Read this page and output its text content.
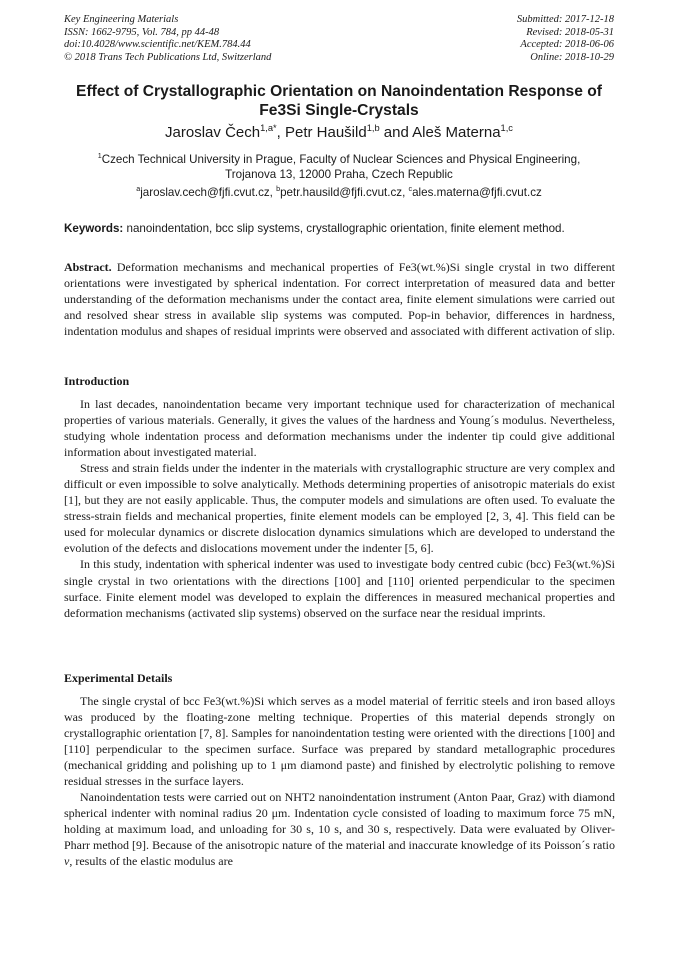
Key Engineering Materials
ISSN: 1662-9795, Vol. 784, pp 44-48
doi:10.4028/www.scientific.net/KEM.784.44
© 2018 Trans Tech Publications Ltd, Switzerland
Submitted: 2017-12-18
Revised: 2018-05-31
Accepted: 2018-06-06
Online: 2018-10-29
Effect of Crystallographic Orientation on Nanoindentation Response of
Fe3Si Single-Crystals
Jaroslav Čech$^{1,a*}$, Petr Haušild$^{1,b}$ and Aleš Materna$^{1,c}$
$^1$Czech Technical University in Prague, Faculty of Nuclear Sciences and Physical Engineering,
Trojanova 13, 12000 Praha, Czech Republic
$^a$jaroslav.cech@fjfi.cvut.cz, $^b$petr.hausild@fjfi.cvut.cz, $^c$ales.materna@fjfi.cvut.cz
Keywords: nanoindentation, bcc slip systems, crystallographic orientation, finite element method.

Abstract. Deformation mechanisms and mechanical properties of Fe3(wt.%)Si single crystal in two different orientations were investigated by spherical indentation. For correct interpretation of measured data and better understanding of the deformation mechanisms under the contact area, finite element simulations were carried out and resolved shear stress in available slip systems was computed. Pop-in behavior, differences in hardness, indentation modulus and shapes of residual imprints were observed and associated with different activation of slip.

Introduction

In last decades, nanoindentation became very important technique used for characterization of mechanical properties of various materials. Generally, it gives the values of the hardness and Young´s modulus. Nevertheless, studying whole indentation process and deformation mechanisms under the indenter tip could give additional information about investigated material.

Stress and strain fields under the indenter in the materials with crystallographic structure are very complex and difficult or even impossible to solve analytically. Methods determining properties of anisotropic materials do exist [1], but they are not easily applicable. Thus, the computer models and simulations are often used. To evaluate the stress-strain fields and mechanical properties, finite element models can be employed [2, 3, 4]. This field can be used for molecular dynamics or discrete dislocation dynamics simulations which are developed to understand the evolution of the defects and dislocations movement under the indenter [5, 6].

In this study, indentation with spherical indenter was used to investigate body centred cubic (bcc) Fe3(wt.%)Si single crystal in two orientations with the directions [100] and [110] oriented perpendicular to the specimen surface. Finite element model was developed to explain the differences in measured mechanical properties and deformation mechanisms (activated slip systems) observed on the surface near the residual imprints.

Experimental Details

The single crystal of bcc Fe3(wt.%)Si which serves as a model material of ferritic steels and iron based alloys was produced by the floating-zone melting technique. Properties of this material depends strongly on crystallographic orientation [7, 8]. Samples for nanoindentation testing were oriented with the directions [100] and [110] perpendicular to the specimen surface. Surface was prepared by standard metallographic procedures (mechanical gridding and polishing up to 1 μm diamond paste) and finished by electrolytic polishing to remove residual stresses in the surface layers.

Nanoindentation tests were carried out on NHT2 nanoindentation instrument (Anton Paar, Graz) with diamond spherical indenter with nominal radius 20 μm. Indentation cycle consisted of loading to maximum force 75 mN, holding at maximum load, and unloading for 30 s, 10 s, and 30 s, respectively. Data were evaluated by Oliver-Pharr method [9]. Because of the anisotropic nature of the material and inaccurate knowledge of its Poisson´s ratio ν, results of the elastic modulus are
